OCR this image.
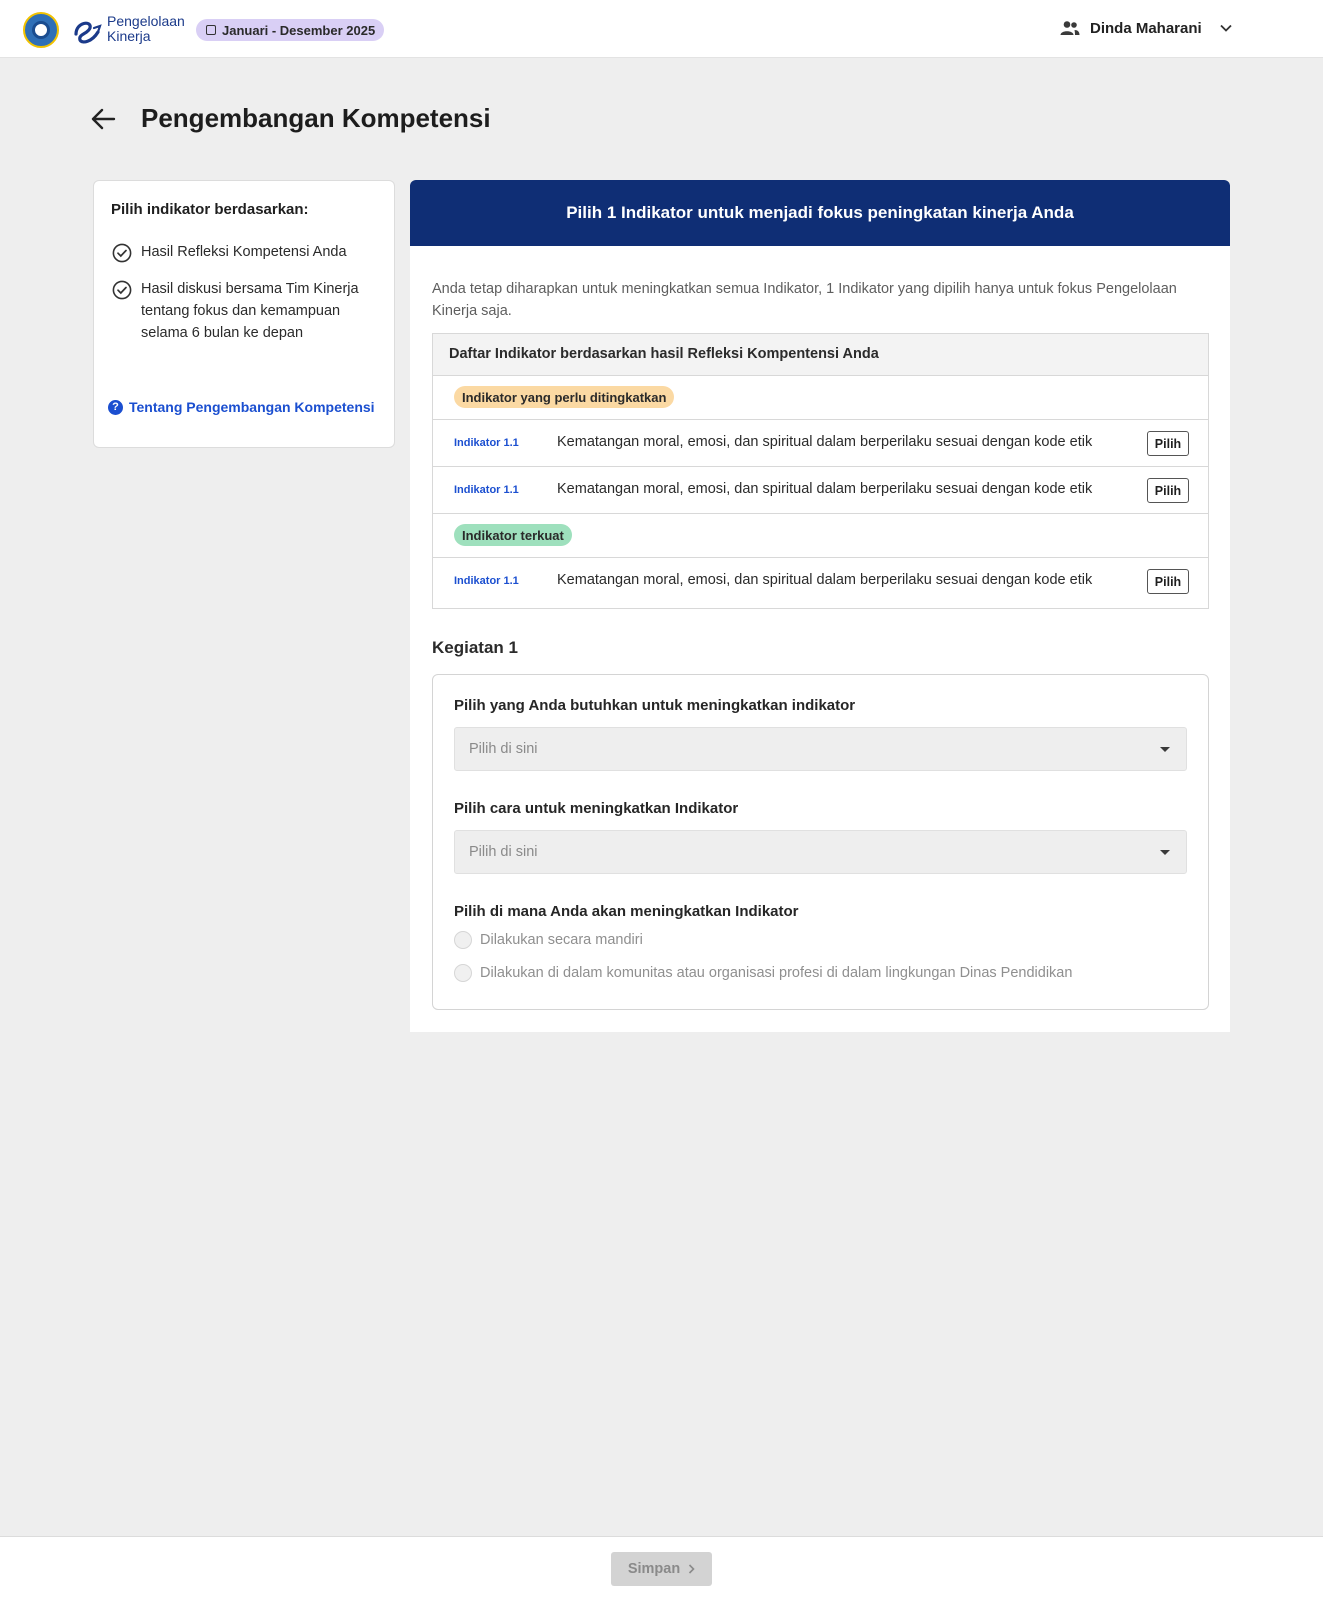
Pengelolaan
Kinerja	Januari - Desember 2025	Dinda Maharani
Pengembangan Kompetensi
Pilih indikator berdasarkan:
Hasil Refleksi Kompetensi Anda
Hasil diskusi bersama Tim Kinerja tentang fokus dan kemampuan selama 6 bulan ke depan
? Tentang Pengembangan Kompetensi
Pilih 1 Indikator untuk menjadi fokus peningkatan kinerja Anda
Anda tetap diharapkan untuk meningkatkan semua Indikator, 1 Indikator yang dipilih hanya untuk fokus Pengelolaan Kinerja saja.
Daftar Indikator berdasarkan hasil Refleksi Kompentensi Anda
Indikator yang perlu ditingkatkan
Indikator 1.1	Kematangan moral, emosi, dan spiritual dalam berperilaku sesuai dengan kode etik	Pilih
Indikator 1.1	Kematangan moral, emosi, dan spiritual dalam berperilaku sesuai dengan kode etik	Pilih
Indikator terkuat
Indikator 1.1	Kematangan moral, emosi, dan spiritual dalam berperilaku sesuai dengan kode etik	Pilih
Kegiatan 1
Pilih yang Anda butuhkan untuk meningkatkan indikator
Pilih di sini
Pilih cara untuk meningkatkan Indikator
Pilih di sini
Pilih di mana Anda akan meningkatkan Indikator
Dilakukan secara mandiri
Dilakukan di dalam komunitas atau organisasi profesi di dalam lingkungan Dinas Pendidikan
Simpan
